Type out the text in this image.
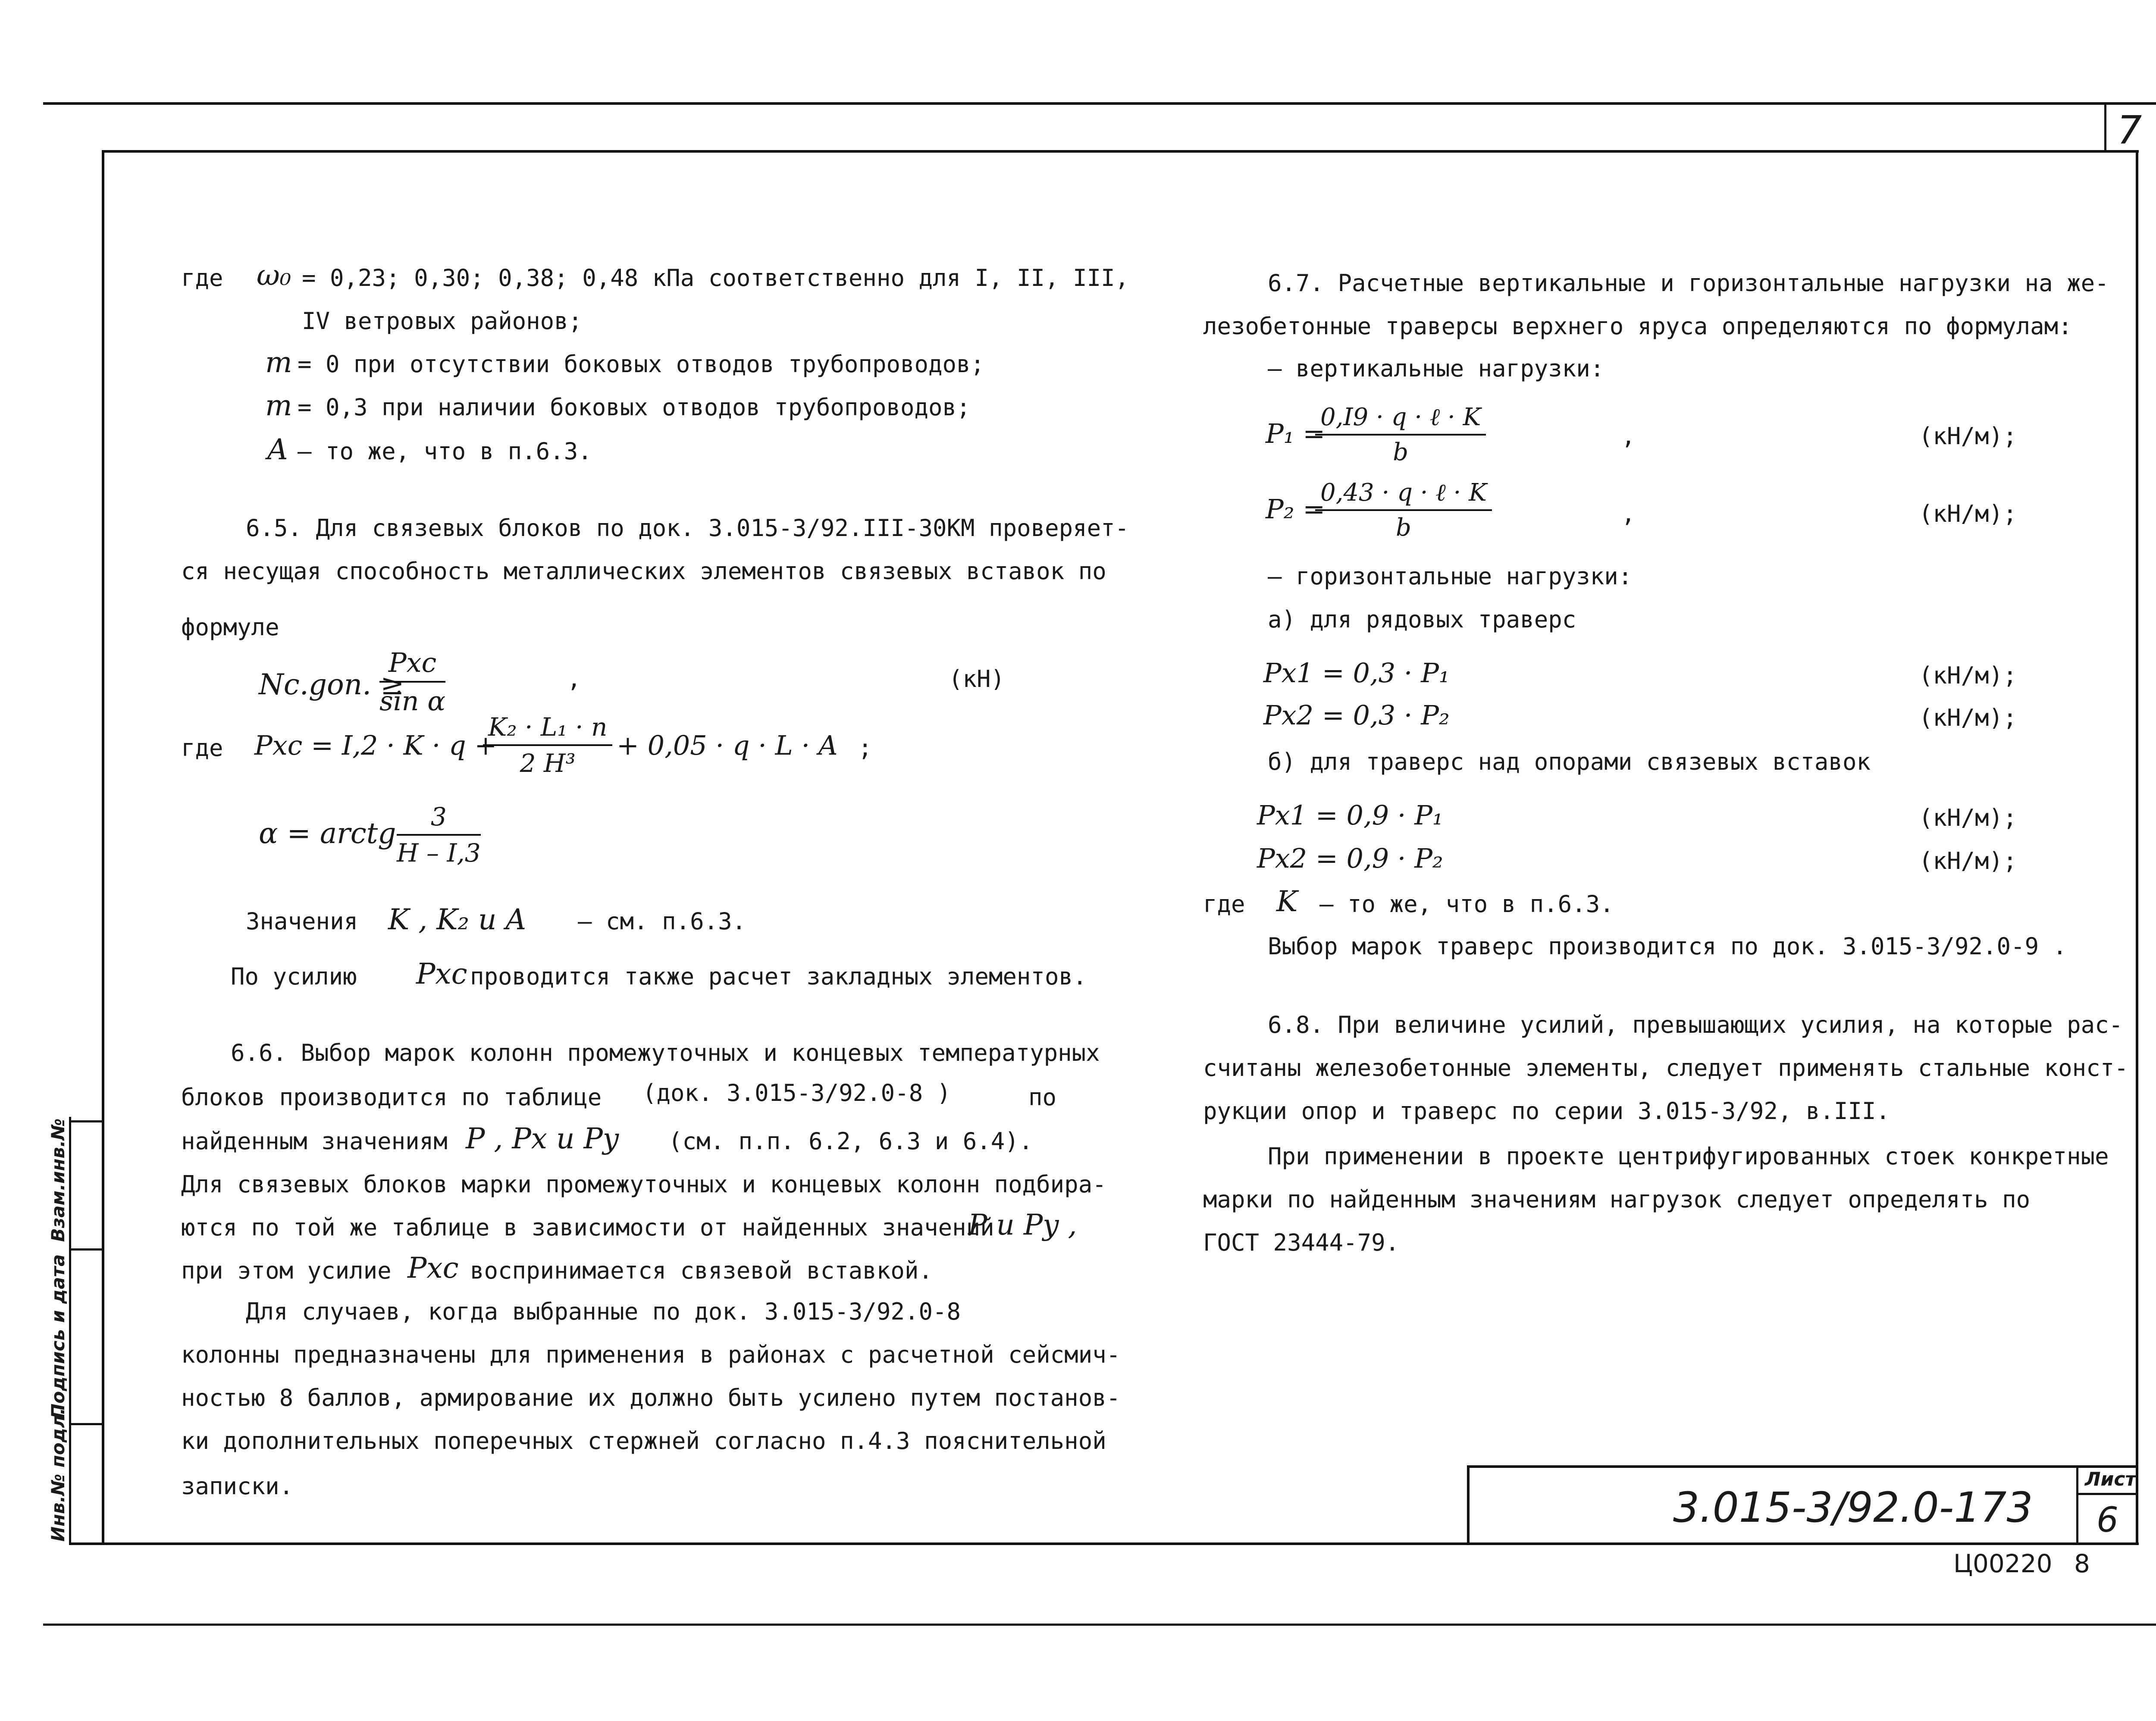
7
Взам.инв.№
Подпись и дата
Инв.№ подл.	Лист
6
3.015-3/92.0-173
Ц00220 8
где ω₀ = 0,23; 0,30; 0,38; 0,48 кПа соответственно для I, II, III,
IV ветровых районов;
m = 0 при отсутствии боковых отводов трубопроводов;
m = 0,3 при наличии боковых отводов трубопроводов;
A – то же, что в п.6.3.
6.5. Для связевых блоков по док. 3.015-3/92.III-30КМ проверяет-
ся несущая способность металлических элементов связевых вставок по
формуле
Nc.gon. ≥
Pxc
sin α
,	(кН)
где Pxc = I,2 · K · q +
$\frac{\text{K₂ · L₁ · n}}{\text{2 H³}} + 0,05 \cdot q \cdot L \cdot A$ ;
α = arctg $\frac{3}{H - I,3}$
Значения K , K₂ и A – см. п.6.3.
По усилию Pxc проводится также расчет закладных элементов.
6.6. Выбор марок колонн промежуточных и концевых температурных
блоков производится по таблице (док. 3.015-3/92.0-8 )	по
найденным значениям P , Px и Py (см. п.п. 6.2, 6.3 и 6.4).
Для связевых блоков марки промежуточных и концевых колонн подбира-
ются по той же таблице в зависимости от найденных значений
P и Py ,
при этом усилие Pxc воспринимается связевой вставкой.
Для случаев, когда выбранные по док. 3.015-3/92.0-8
колонны предназначены для применения в районах с расчетной сейсмич-
ностью 8 баллов, армирование их должно быть усилено путем постанов-
ки дополнительных поперечных стержней согласно п.4.3 пояснительной
записки.
6.7. Расчетные вертикальные и горизонтальные нагрузки на же-
лезобетонные траверсы верхнего яруса определяются по формулам:
– вертикальные нагрузки:
P₁ =
0,I9 · q · ℓ · K
b
,	(кН/м);
P₂ =
0,43 · q · ℓ · K
b	,	(кН/м);
– горизонтальные нагрузки:
а) для рядовых траверс
Px1 = 0,3 · P₁	(кН/м);
Px2 = 0,3 · P₂	(кН/м);
б) для траверс над опорами связевых вставок
Px1 = 0,9 · P₁	(кН/м);
Px2 = 0,9 · P₂	(кН/м);
где K – то же, что в п.6.3.
Выбор марок траверс производится по док. 3.015-3/92.0-9 .
6.8. При величине усилий, превышающих усилия, на которые рас-
считаны железобетонные элементы, следует применять стальные конст-
рукции опор и траверс по серии 3.015-3/92, в.III.
При применении в проекте центрифугированных стоек конкретные
марки по найденным значениям нагрузок следует определять по
ГОСТ 23444-79.
